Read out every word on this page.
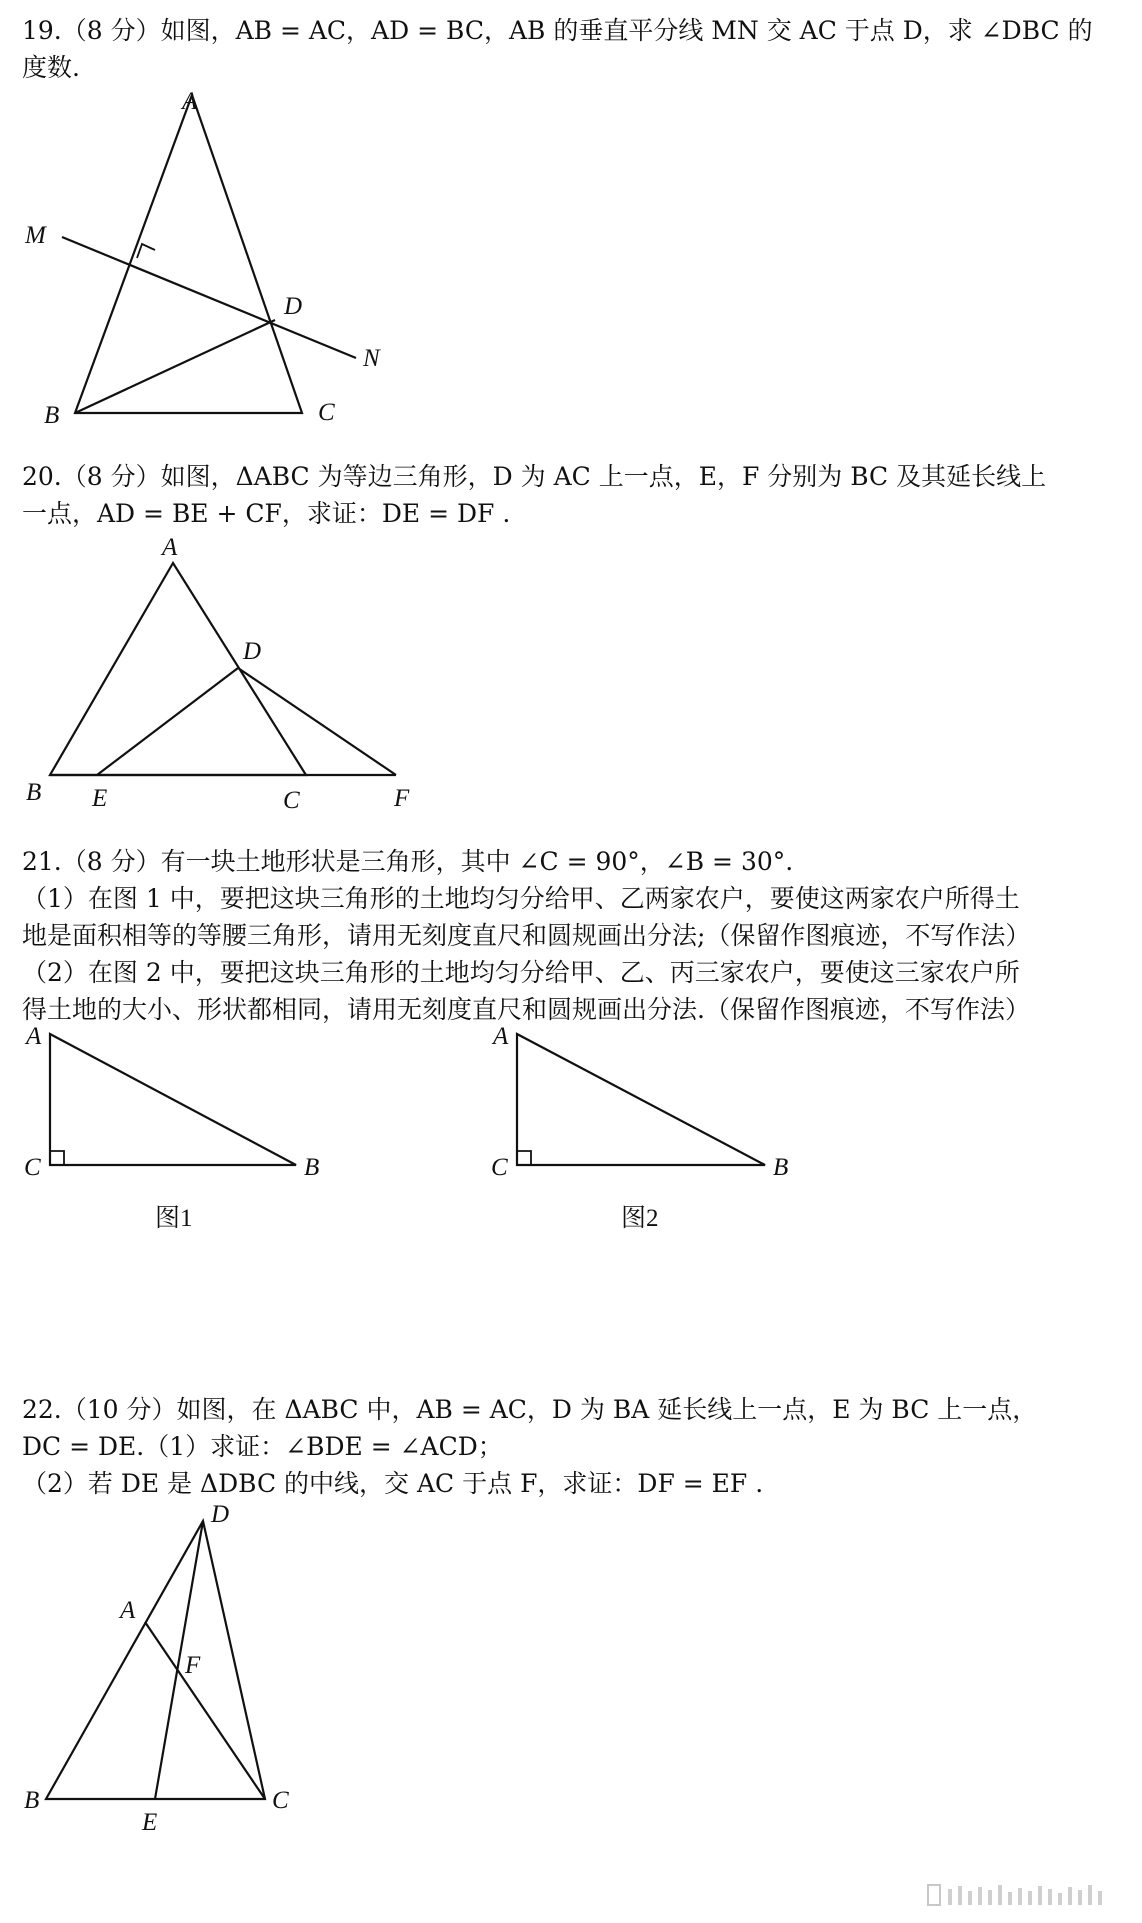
19.（8 分）如图，AB = AC，AD = BC，AB 的垂直平分线 MN 交 AC 于点 D，求 ∠DBC 的

度数.

A
M
D
N
B	C

20.（8 分）如图，ΔABC 为等边三角形，D 为 AC 上一点，E，F 分别为 BC 及其延长线上

一点，AD = BE + CF，求证：DE = DF .

A
D
B E	C	F

21.（8 分）有一块土地形状是三角形，其中 ∠C = 90°，∠B = 30°.

（1）在图 1 中，要把这块三角形的土地均匀分给甲、乙两家农户，要使这两家农户所得土

地是面积相等的等腰三角形，请用无刻度直尺和圆规画出分法;（保留作图痕迹，不写作法）

（2）在图 2 中，要把这块三角形的土地均匀分给甲、乙、丙三家农户，要使这三家农户所

得土地的大小、形状都相同，请用无刻度直尺和圆规画出分法.（保留作图痕迹，不写作法）

A
C	B
图1
A
C	B
图2

22.（10 分）如图，在 ΔABC 中，AB = AC，D 为 BA 延长线上一点，E 为 BC 上一点，

DC = DE.（1）求证：∠BDE = ∠ACD；

（2）若 DE 是 ΔDBC 的中线，交 AC 于点 F，求证：DF = EF .

D
A
F
B
E
C
